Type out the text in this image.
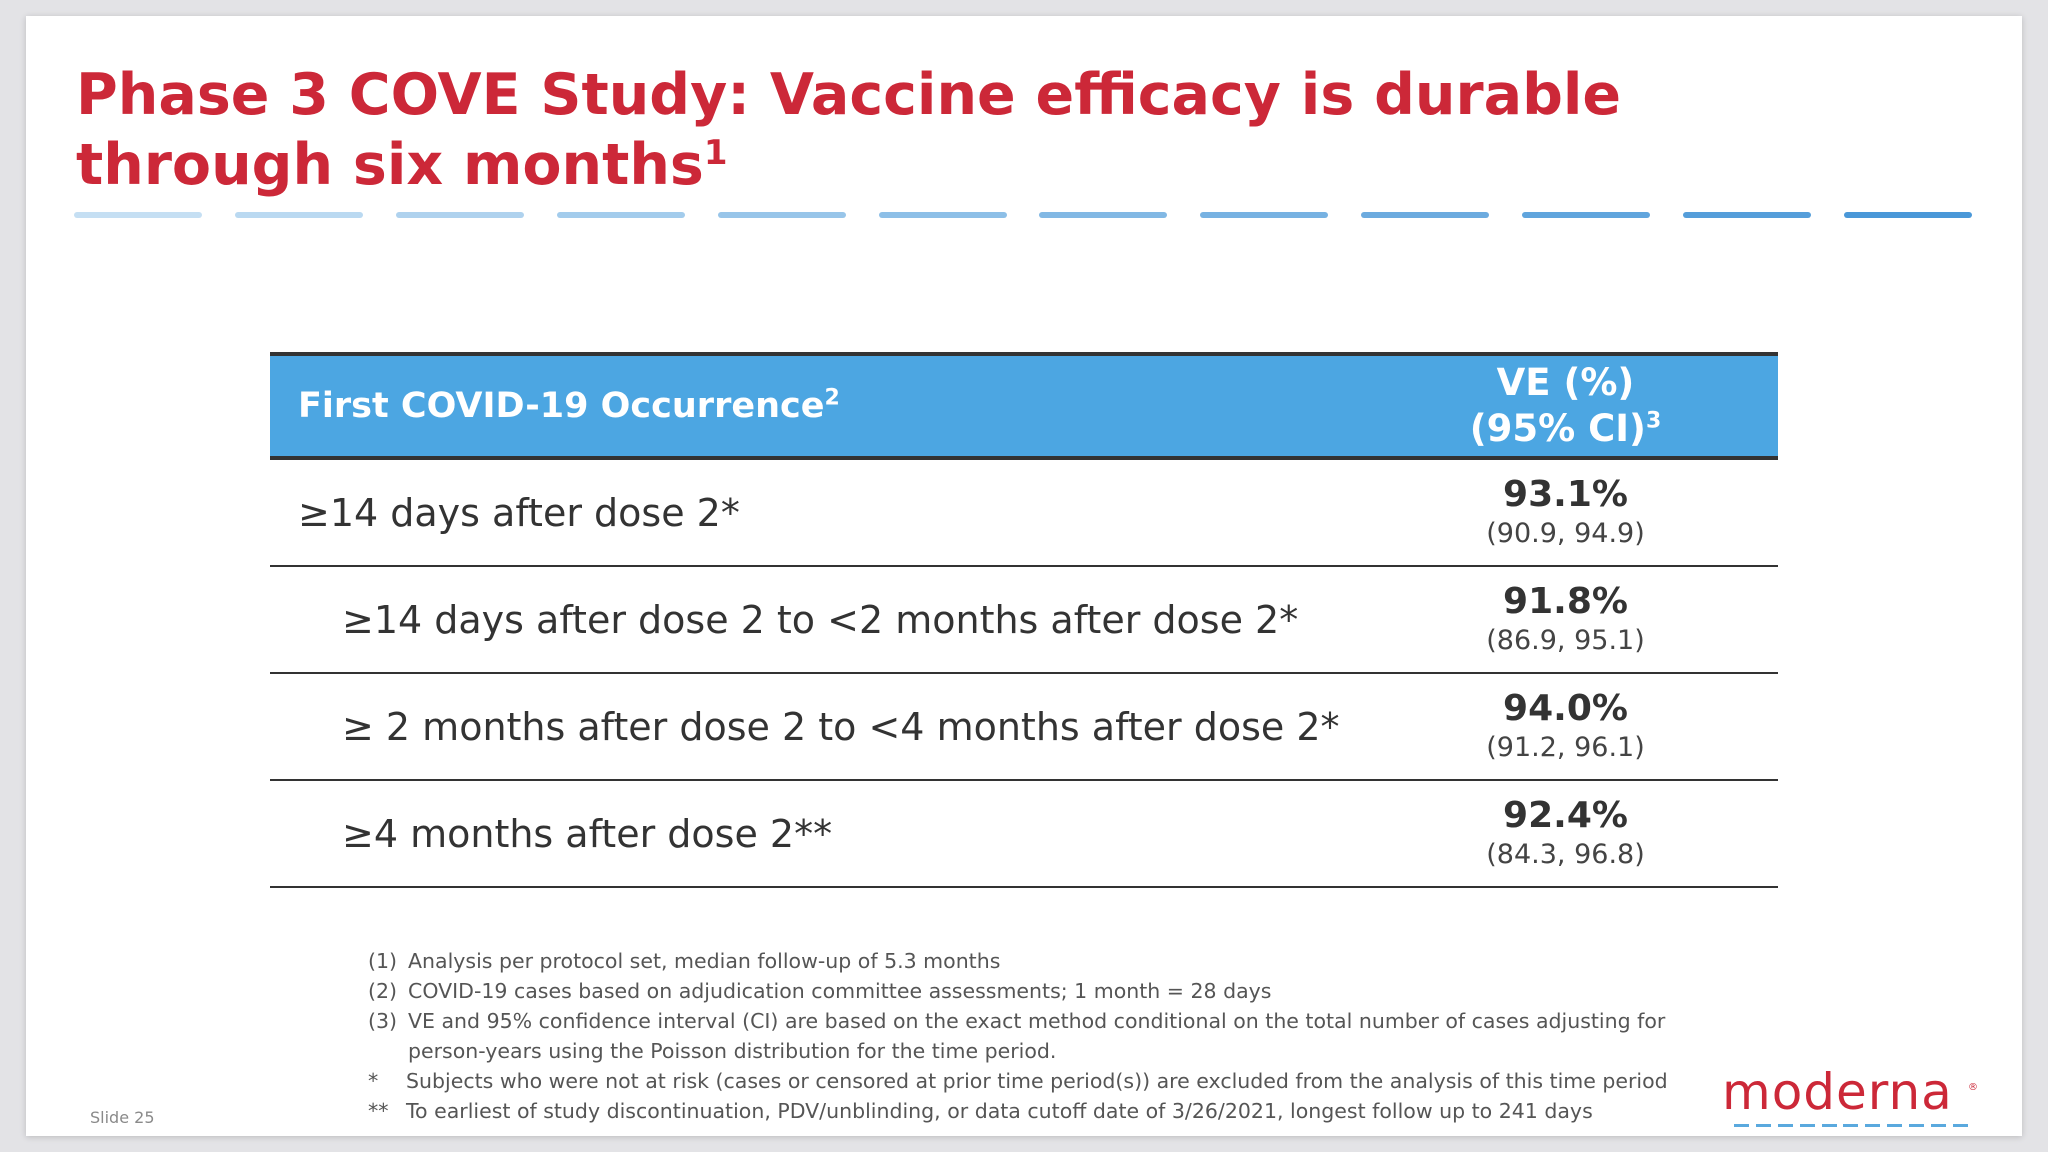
Phase 3 COVE Study: Vaccine efficacy is durable through six months$^1$
First COVID-19 Occurrence$^2$	VE (%)
(95% CI)$^3$
≥14 days after dose 2*	93.1%
(90.9, 94.9)

≥14 days after dose 2 to <2 months after dose 2*	91.8%
(86.9, 95.1)

≥ 2 months after dose 2 to <4 months after dose 2*	94.0%
(91.2, 96.1)

≥4 months after dose 2**	92.4%
(84.3, 96.8)
(1) Analysis per protocol set, median follow-up of 5.3 months
(2) COVID-19 cases based on adjudication committee assessments; 1 month = 28 days
(3) VE and 95% confidence interval (CI) are based on the exact method conditional on the total number of cases adjusting for
person-years using the Poisson distribution for the time period.
*	Subjects who were not at risk (cases or censored at prior time period(s)) are excluded from the analysis of this time period
** To earliest of study discontinuation, PDV/unblinding, or data cutoff date of 3/26/2021, longest follow up to 241 days
Slide 25	moderna ®
